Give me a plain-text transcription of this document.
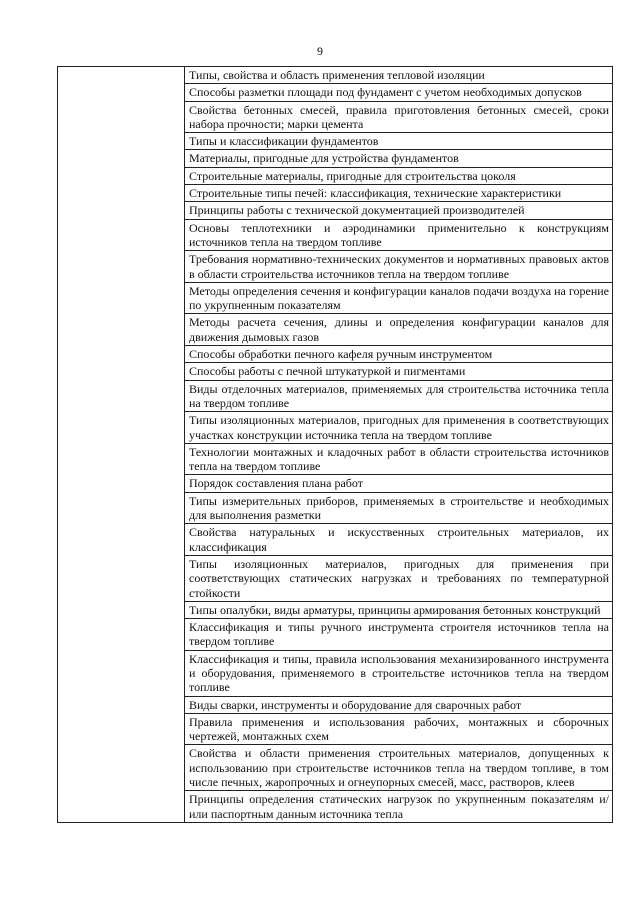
9

Типы, свойства и область применения тепловой изоляции
Способы разметки площади под фундамент с учетом необходимых допусков
Свойства бетонных смесей, правила приготовления бетонных смесей, сроки набора прочности; марки цемента
Типы и классификации фундаментов
Материалы, пригодные для устройства фундаментов
Строительные материалы, пригодные для строительства цоколя
Строительные типы печей: классификация, технические характеристики
Принципы работы с технической документацией производителей
Основы теплотехники и аэродинамики применительно к конструкциям источников тепла на твердом топливе
Требования нормативно-технических документов и нормативных правовых актов в области строительства источников тепла на твердом топливе
Методы определения сечения и конфигурации каналов подачи воздуха на горение по укрупненным показателям
Методы расчета сечения, длины и определения конфигурации каналов для движения дымовых газов
Способы обработки печного кафеля ручным инструментом
Способы работы с печной штукатуркой и пигментами
Виды отделочных материалов, применяемых для строительства источника тепла на твердом топливе
Типы изоляционных материалов, пригодных для применения в соответствующих участках конструкции источника тепла на твердом топливе
Технологии монтажных и кладочных работ в области строительства источников тепла на твердом топливе
Порядок составления плана работ
Типы измерительных приборов, применяемых в строительстве и необходимых для выполнения разметки
Свойства натуральных и искусственных строительных материалов, их классификация
Типы изоляционных материалов, пригодных для применения при соответствующих статических нагрузках и требованиях по температурной стойкости
Типы опалубки, виды арматуры, принципы армирования бетонных конструкций
Классификация и типы ручного инструмента строителя источников тепла на твердом топливе
Классификация и типы, правила использования механизированного инструмента и оборудования, применяемого в строительстве источников тепла на твердом топливе
Виды сварки, инструменты и оборудование для сварочных работ
Правила применения и использования рабочих, монтажных и сборочных чертежей, монтажных схем
Свойства и области применения строительных материалов, допущенных к использованию при строительстве источников тепла на твердом топливе, в том числе печных, жаропрочных и огнеупорных смесей, масс, растворов, клеев
Принципы определения статических нагрузок по укрупненным показателям и/или паспортным данным источника тепла
